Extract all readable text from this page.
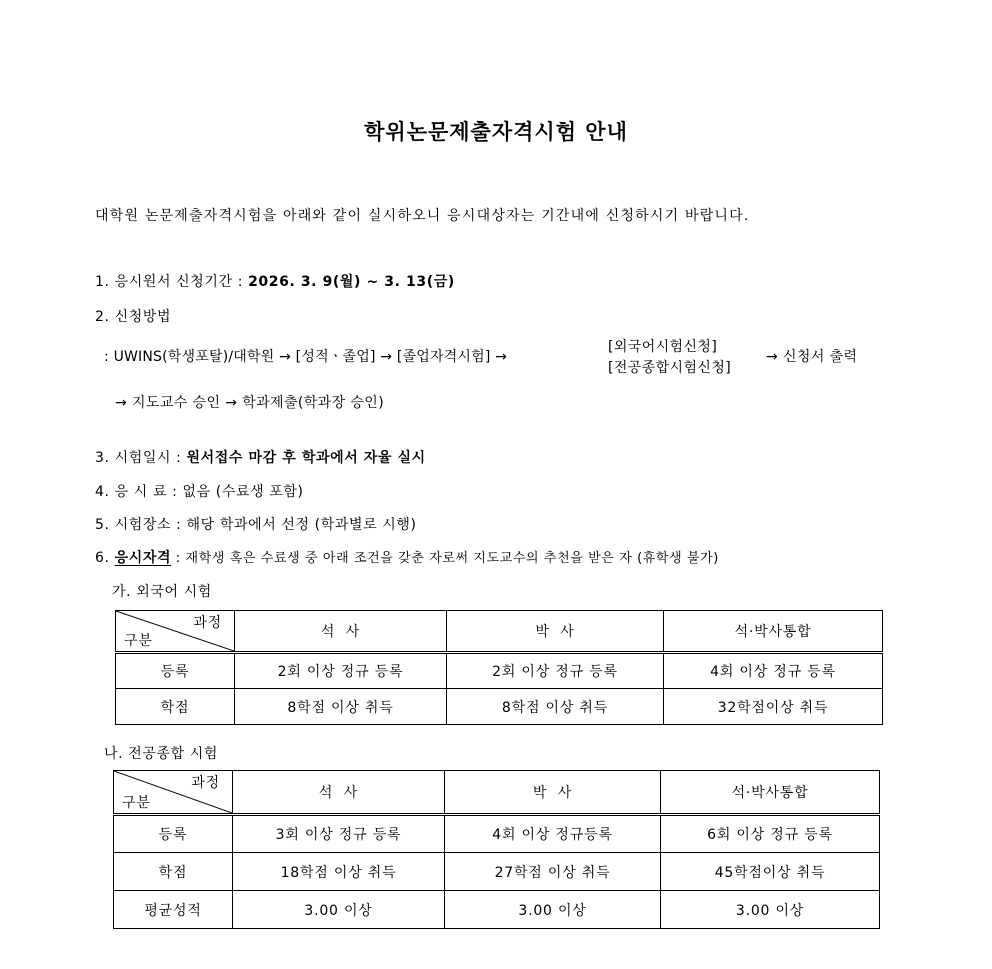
학위논문제출자격시험 안내
대학원 논문제출자격시험을 아래와 같이 실시하오니 응시대상자는 기간내에 신청하시기 바랍니다.
1. 응시원서 신청기간 : 2026. 3. 9(월) ~ 3. 13(금)
2. 신청방법
: UWINS(학생포탈)/대학원 → [성적ㆍ졸업] → [졸업자격시험] →
[외국어시험신청]
[전공종합시험신청]
→ 신청서 출력
→ 지도교수 승인 → 학과제출(학과장 승인)
3. 시험일시 : 원서접수 마감 후 학과에서 자율 실시
4. 응 시 료 : 없음 (수료생 포함)
5. 시험장소 : 해당 학과에서 선정 (학과별로 시행)
6. 응시자격 : 재학생 혹은 수료생 중 아래 조건을 갖춘 자로써 지도교수의 추천을 받은 자 (휴학생 불가)
가. 외국어 시험
과정
구분	석  사	박  사	석·박사통합
등록	2회 이상 정규 등록	2회 이상 정규 등록	4회 이상 정규 등록
학점	8학점 이상 취득	8학점 이상 취득	32학점이상 취득
나. 전공종합 시험
과정
구분	석  사	박  사	석·박사통합
등록	3회 이상 정규 등록	4회 이상 정규등록	6회 이상 정규 등록
학점	18학점 이상 취득	27학점 이상 취득	45학점이상 취득
평균성적	3.00 이상	3.00 이상	3.00 이상
